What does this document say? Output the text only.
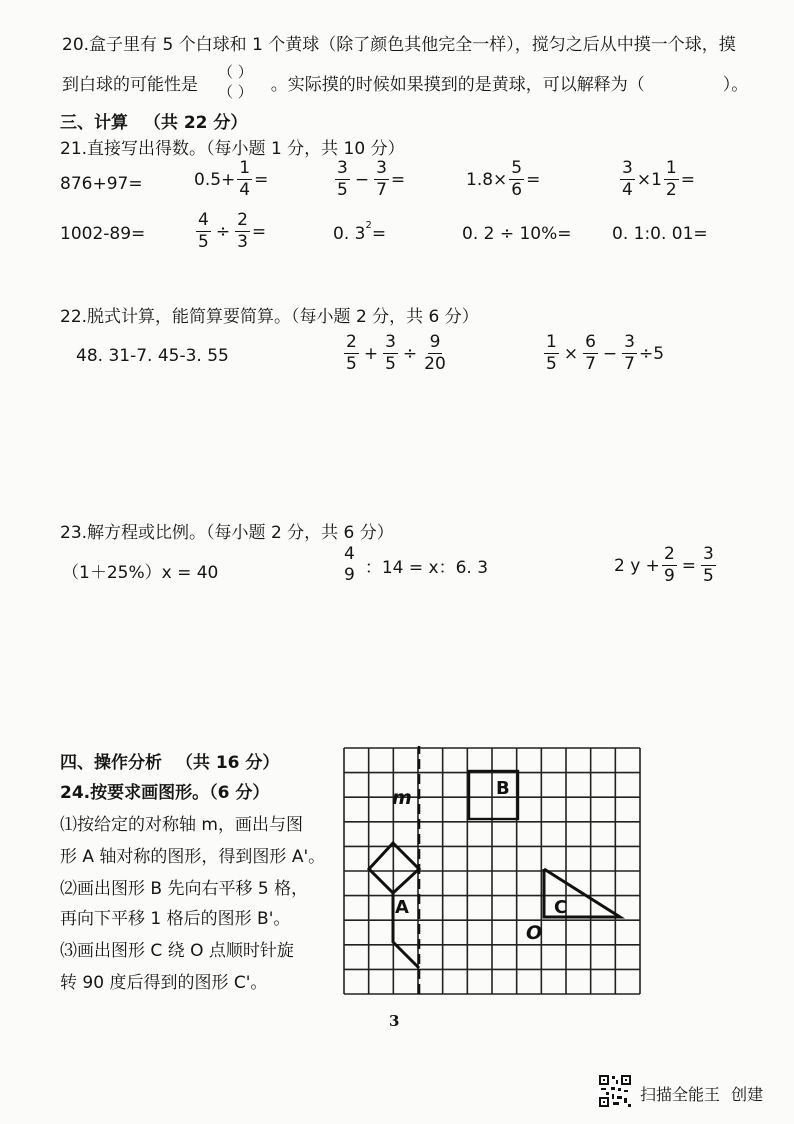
20.盒子里有 5 个白球和 1 个黄球（除了颜色其他完全一样），搅匀之后从中摸一个球，摸
到白球的可能性是
（ ）
（ ） 。实际摸的时候如果摸到的是黄球，可以解释为（	）。
三、计算 （共 22 分）
21.直接写出得数。（每小题 1 分，共 10 分）
876+97=	$0.5+ \frac{1}{4}$ =	$\frac{3}{5} - \frac{3}{7}$ =	$1.8\times \frac{5}{6}$ =	$\frac{3}{4} \times 1 \frac{1}{2}$ =
1002-89=	$\frac{4}{5} \div \frac{2}{3}$ =	0. $3^2$ =	0. 2 ÷ 10%= 0. 1:0. 01=
22.脱式计算，能简算要简算。（每小题 2 分，共 6 分）
48. 31-7. 45-3. 55	$\frac{2}{5} + \frac{3}{5} \div \frac{9}{20}$	$\frac{1}{5} \times \frac{6}{7} - \frac{3}{7} \div 5$
23.解方程或比例。（每小题 2 分，共 6 分）
（1＋25%）x = 40
4
9 ：14 = x：6. 3	2 $y + \frac{2}{9} = \frac{3}{5}$
四、操作分析 （共 16 分）
24.按要求画图形。（6 分）
⑴按给定的对称轴 m，画出与图
形 A 轴对称的图形，得到图形 A'。
⑵画出图形 B 先向右平移 5 格，
再向下平移 1 格后的图形 B'。
⑶画出图形 C 绕 O 点顺时针旋
转 90 度后得到的图形 C'。
m	B
A	C
O
3
扫描全能王 创建
